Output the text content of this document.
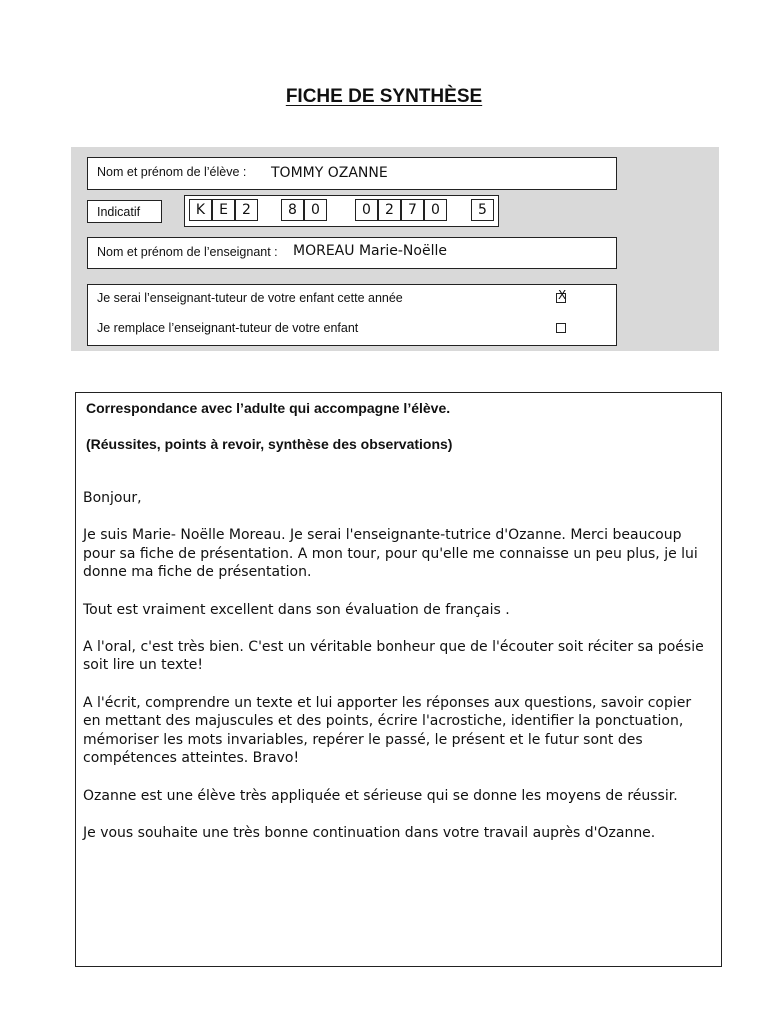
FICHE DE SYNTHÈSE
Nom et prénom de l’élève : TOMMY OZANNE
Indicatif	K E	2	8	0	0	2	7	0	5
Nom et prénom de l’enseignant : MOREAU Marie-Noëlle
Je serai l’enseignant-tuteur de votre enfant cette année	X
Je remplace l’enseignant-tuteur de votre enfant
Correspondance avec l’adulte qui accompagne l’élève.
(Réussites, points à revoir, synthèse des observations)

Bonjour,

Je suis Marie- Noëlle Moreau. Je serai l'enseignante-tutrice d'Ozanne. Merci beaucoup pour sa fiche de présentation. A mon tour, pour qu'elle me connaisse un peu plus, je lui donne ma fiche de présentation.

Tout est vraiment excellent dans son évaluation de français .

A l'oral, c'est très bien. C'est un véritable bonheur que de l'écouter soit réciter sa poésie soit lire un texte!

A l'écrit, comprendre un texte et lui apporter les réponses aux questions, savoir copier en mettant des majuscules et des points, écrire l'acrostiche, identifier la ponctuation, mémoriser les mots invariables, repérer le passé, le présent et le futur sont des compétences atteintes. Bravo!

Ozanne est une élève très appliquée et sérieuse qui se donne les moyens de réussir.

Je vous souhaite une très bonne continuation dans votre travail auprès d'Ozanne.
